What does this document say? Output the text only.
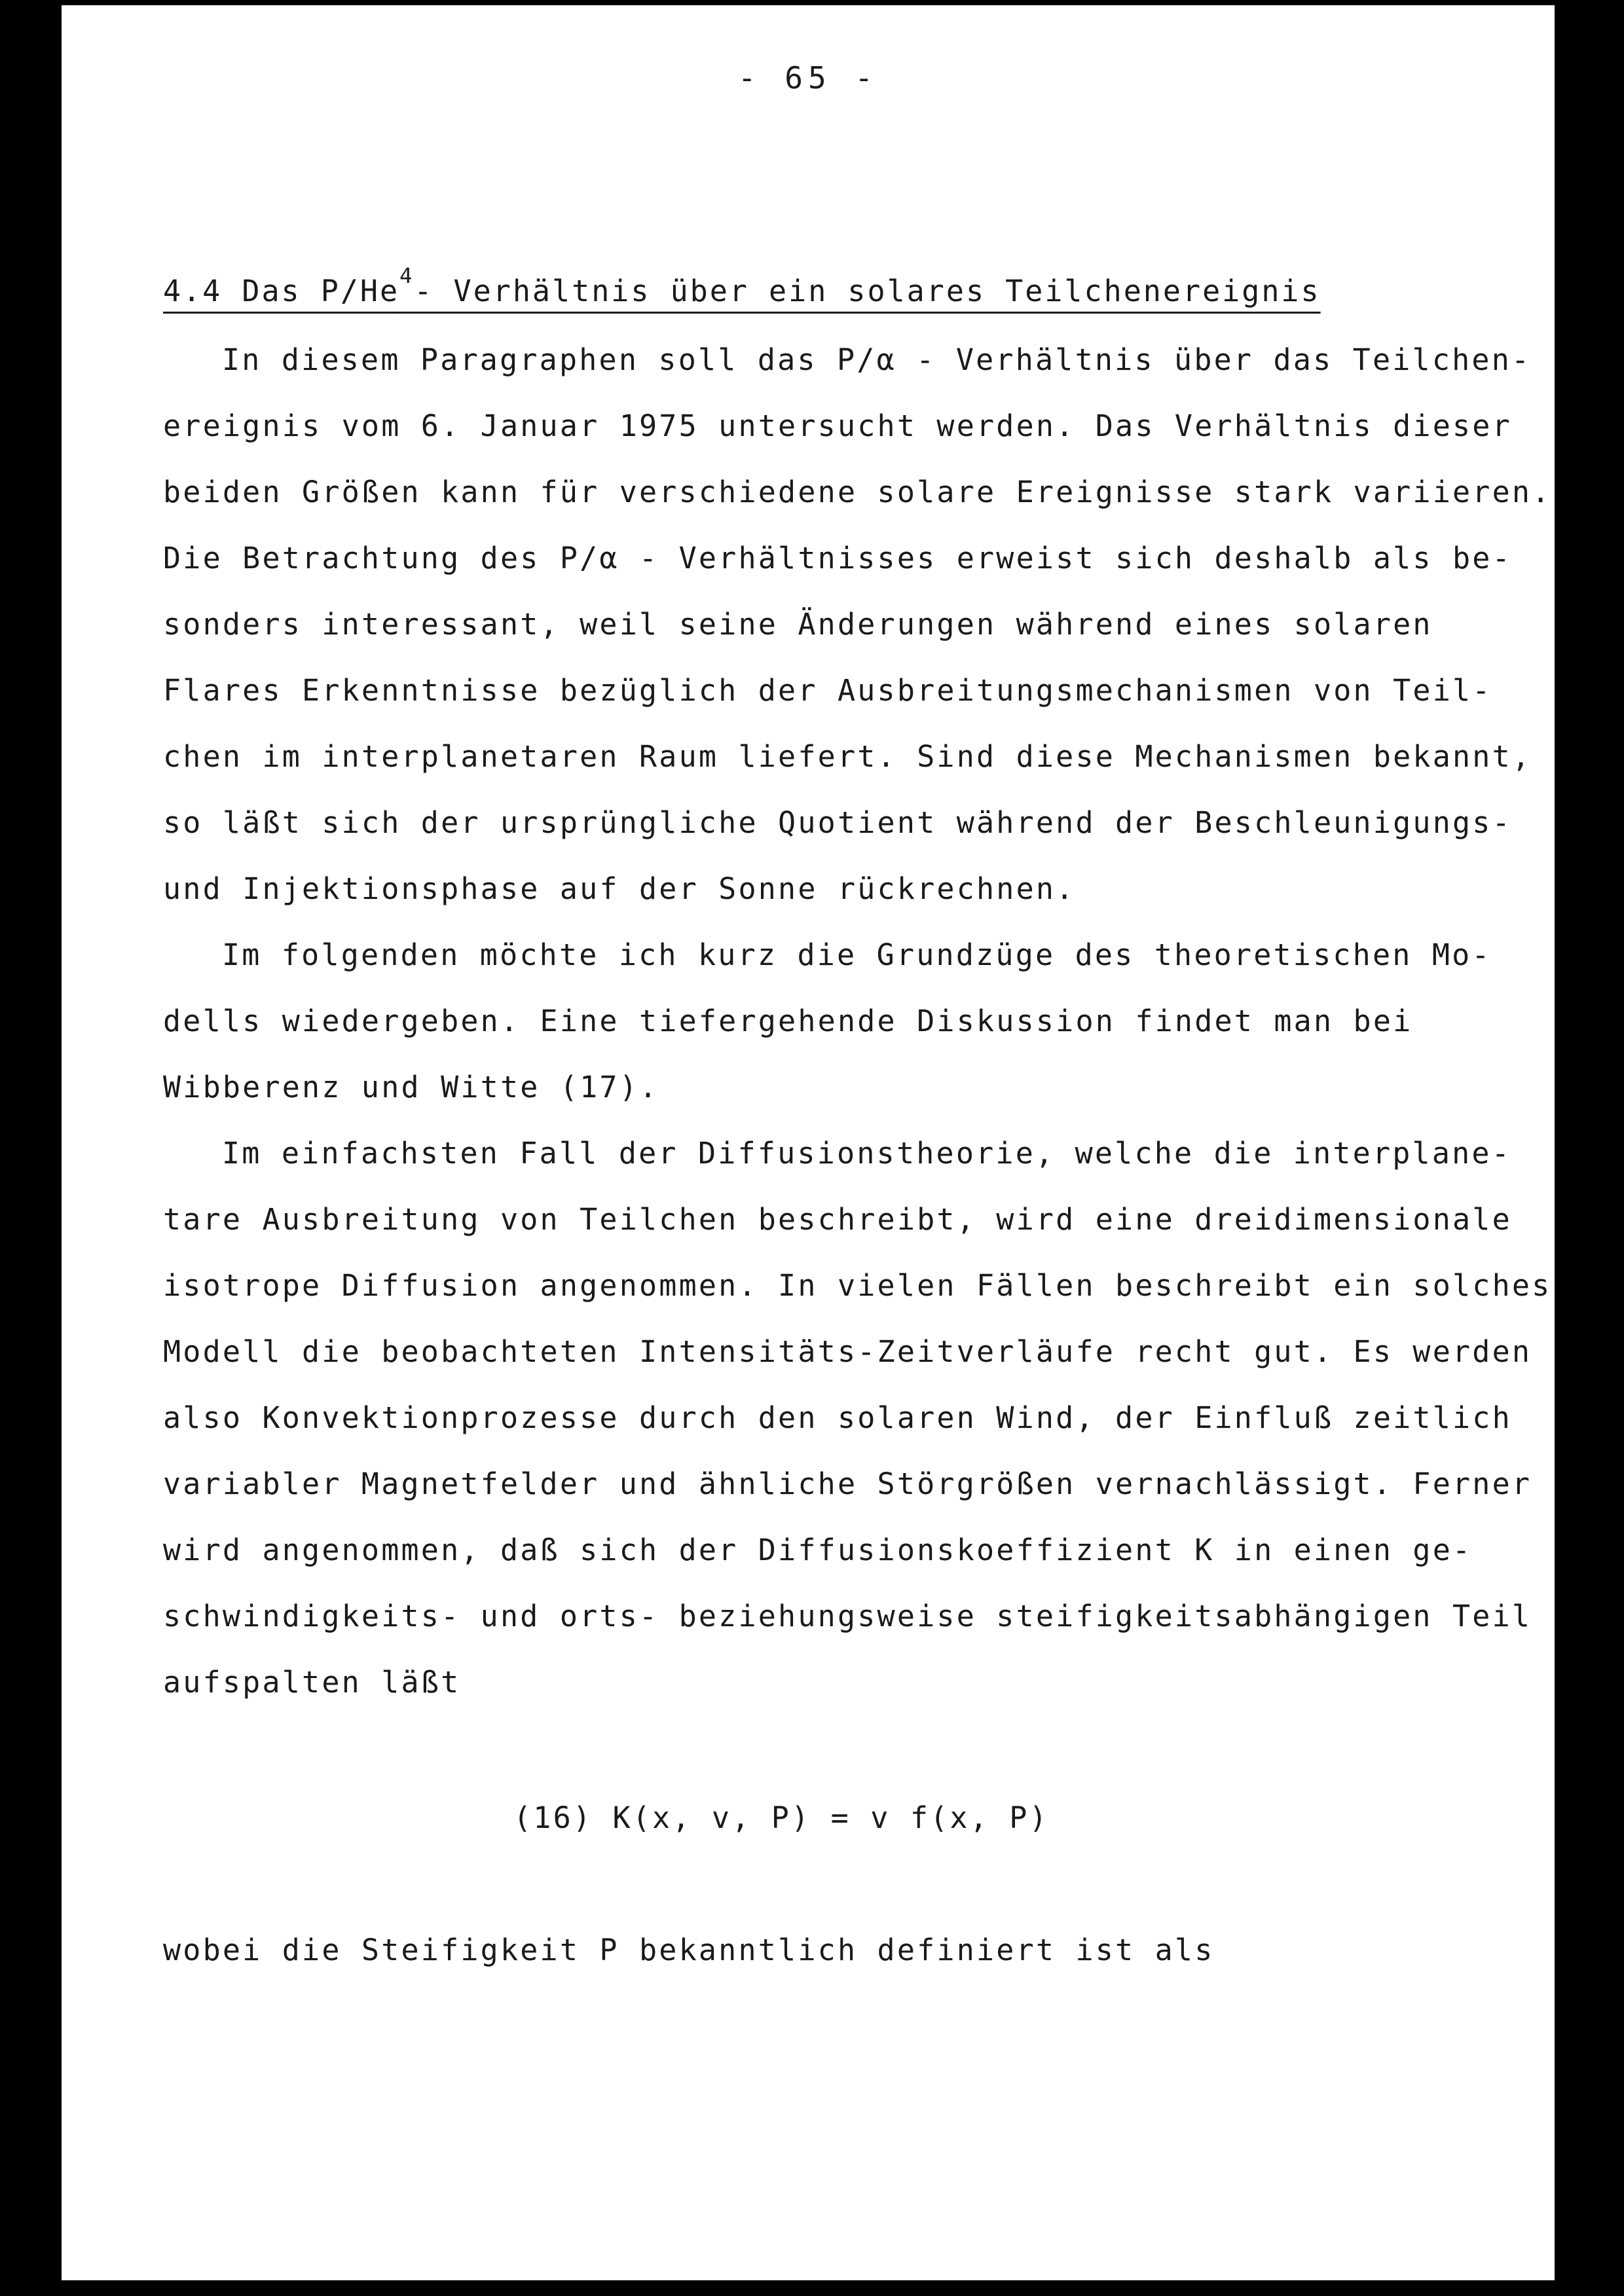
- 65 -
4.4 Das P/He$^4$- Verhältnis über ein solares Teilchenereignis
In diesem Paragraphen soll das P/α - Verhältnis über das Teilchen-
ereignis vom 6. Januar 1975 untersucht werden. Das Verhältnis dieser
beiden Größen kann für verschiedene solare Ereignisse stark variieren.
Die Betrachtung des P/α - Verhältnisses erweist sich deshalb als be-
sonders interessant, weil seine Änderungen während eines solaren
Flares Erkenntnisse bezüglich der Ausbreitungsmechanismen von Teil-
chen im interplanetaren Raum liefert. Sind diese Mechanismen bekannt,
so läßt sich der ursprüngliche Quotient während der Beschleunigungs-
und Injektionsphase auf der Sonne rückrechnen.
Im folgenden möchte ich kurz die Grundzüge des theoretischen Mo-
dells wiedergeben. Eine tiefergehende Diskussion findet man bei
Wibberenz und Witte (17).
Im einfachsten Fall der Diffusionstheorie, welche die interplane-
tare Ausbreitung von Teilchen beschreibt, wird eine dreidimensionale
isotrope Diffusion angenommen. In vielen Fällen beschreibt ein solches
Modell die beobachteten Intensitäts-Zeitverläufe recht gut. Es werden
also Konvektionprozesse durch den solaren Wind, der Einfluß zeitlich
variabler Magnetfelder und ähnliche Störgrößen vernachlässigt. Ferner
wird angenommen, daß sich der Diffusionskoeffizient K in einen ge-
schwindigkeits- und orts- beziehungsweise steifigkeitsabhängigen Teil
aufspalten läßt
(16) K(x, v, P) = v f(x, P)
wobei die Steifigkeit P bekanntlich definiert ist als
